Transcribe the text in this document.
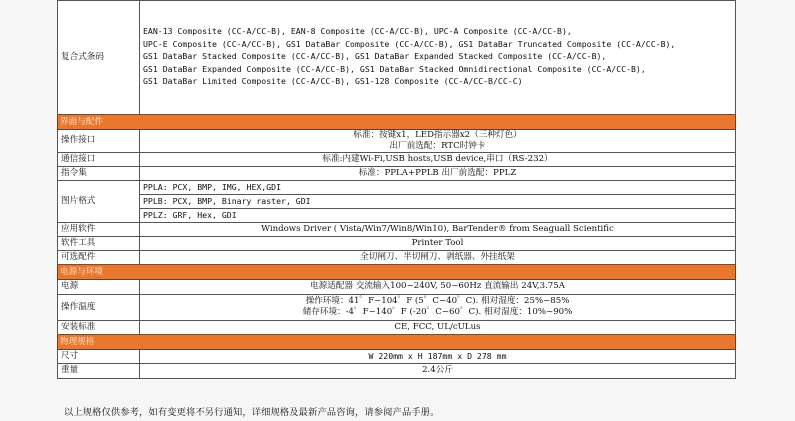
复合式条码	EAN-13 Composite (CC-A/CC-B), EAN-8 Composite (CC-A/CC-B), UPC-A Composite (CC-A/CC-B),
UPC-E Composite (CC-A/CC-B), GS1 DataBar Composite (CC-A/CC-B), GS1 DataBar Truncated Composite (CC-A/CC-B),
GS1 DataBar Stacked Composite (CC-A/CC-B), GS1 DataBar Expanded Stacked Composite (CC-A/CC-B),
GS1 DataBar Expanded Composite (CC-A/CC-B), GS1 DataBar Stacked Omnidirectional Composite (CC-A/CC-B),
GS1 DataBar Limited Composite (CC-A/CC-B), GS1-128 Composite (CC-A/CC-B/CC-C)

界面与配件	
操作接口	标准：按键x1，LED指示器x2（三种灯色）
出厂前选配：RTC时钟卡

通信接口	标准:内建Wi-Fi,USB hosts,USB device,串口（RS-232）
指令集	标准：PPLA+PPLB 出厂前选配：PPLZ
图片格式	PPLA: PCX, BMP, IMG, HEX,GDI
	PPLB: PCX, BMP, Binary raster, GDI
	PPLZ: GRF, Hex, GDI
应用软件	Windows Driver ( Vista/Win7/Win8/Win10), BarTender® from Seaguall Scientific
软件工具	Printer Tool
可选配件	全切闸刀、半切闸刀、剥纸器、外挂纸架
电源与环境	
电源	电源适配器 交流输入100~240V, 50~60Hz 直流输出 24V,3.75A
操作温度	操作环境：41゜F~104゜F (5゜C~40゜C). 相对湿度：25%~85%
储存环境：-4゜F~140゜F (-20゜C~60゜C). 相对湿度：10%~90%

安装标准	CE, FCC, UL/cULus
物理规格	
尺寸	W 220mm x H 187mm x D 278 mm
重量	2.4公斤
以上规格仅供参考，如有变更将不另行通知，详细规格及最新产品咨询，请参阅产品手册。
